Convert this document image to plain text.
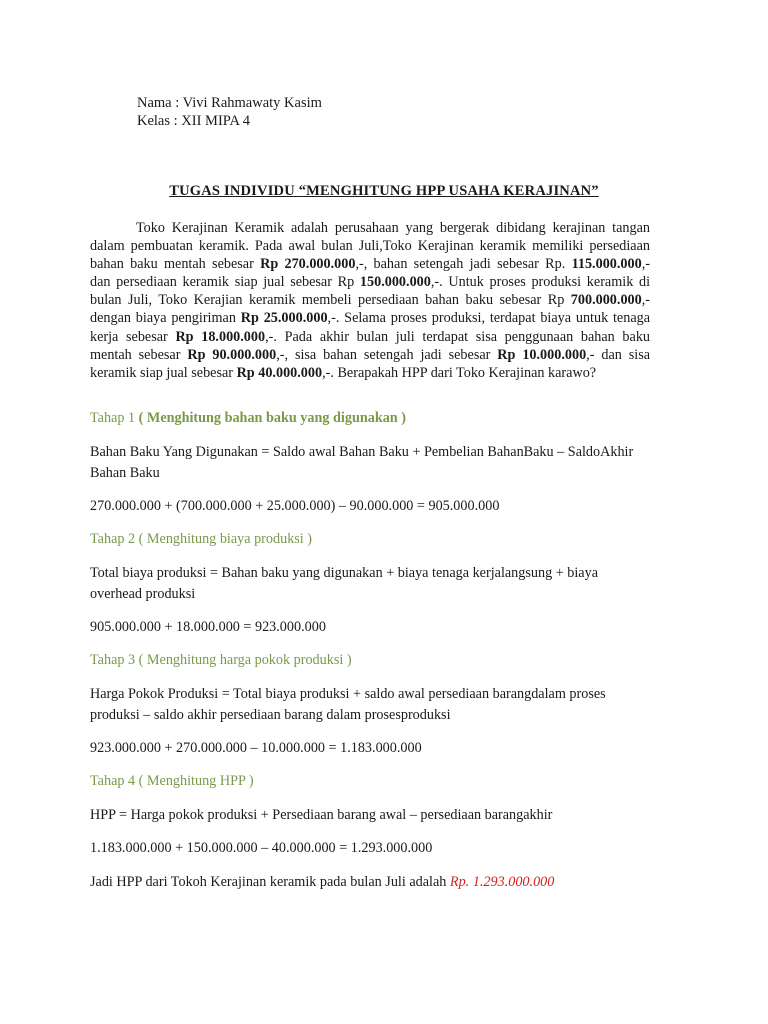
Nama : Vivi Rahmawaty Kasim
Kelas : XII MIPA 4
TUGAS INDIVIDU “MENGHITUNG HPP USAHA KERAJINAN”
Toko Kerajinan Keramik adalah perusahaan yang bergerak dibidang kerajinan tangan
dalam pembuatan keramik. Pada awal bulan Juli,Toko Kerajinan keramik memiliki persediaan
bahan baku mentah sebesar Rp 270.000.000,-, bahan setengah jadi sebesar Rp. 115.000.000,-
dan persediaan keramik siap jual sebesar Rp 150.000.000,-. Untuk proses produksi keramik di
bulan Juli, Toko Kerajian keramik membeli persediaan bahan baku sebesar Rp 700.000.000,-
dengan biaya pengiriman Rp 25.000.000,-. Selama proses produksi, terdapat biaya untuk tenaga
kerja sebesar Rp 18.000.000,-. Pada akhir bulan juli terdapat sisa penggunaan bahan baku
mentah sebesar Rp 90.000.000,-, sisa bahan setengah jadi sebesar Rp 10.000.000,- dan sisa
keramik siap jual sebesar Rp 40.000.000,-. Berapakah HPP dari Toko Kerajinan karawo?
Tahap 1 ( Menghitung bahan baku yang digunakan )
Bahan Baku Yang Digunakan = Saldo awal Bahan Baku + Pembelian BahanBaku – SaldoAkhir
Bahan Baku
270.000.000 + (700.000.000 + 25.000.000) – 90.000.000 = 905.000.000
Tahap 2 ( Menghitung biaya produksi )
Total biaya produksi = Bahan baku yang digunakan + biaya tenaga kerjalangsung + biaya
overhead produksi
905.000.000 + 18.000.000 = 923.000.000
Tahap 3 ( Menghitung harga pokok produksi )
Harga Pokok Produksi = Total biaya produksi + saldo awal persediaan barangdalam proses
produksi – saldo akhir persediaan barang dalam prosesproduksi
923.000.000 + 270.000.000 – 10.000.000 = 1.183.000.000
Tahap 4 ( Menghitung HPP )
HPP = Harga pokok produksi + Persediaan barang awal – persediaan barangakhir
1.183.000.000 + 150.000.000 – 40.000.000 = 1.293.000.000
Jadi HPP dari Tokoh Kerajinan keramik pada bulan Juli adalah Rp. 1.293.000.000
